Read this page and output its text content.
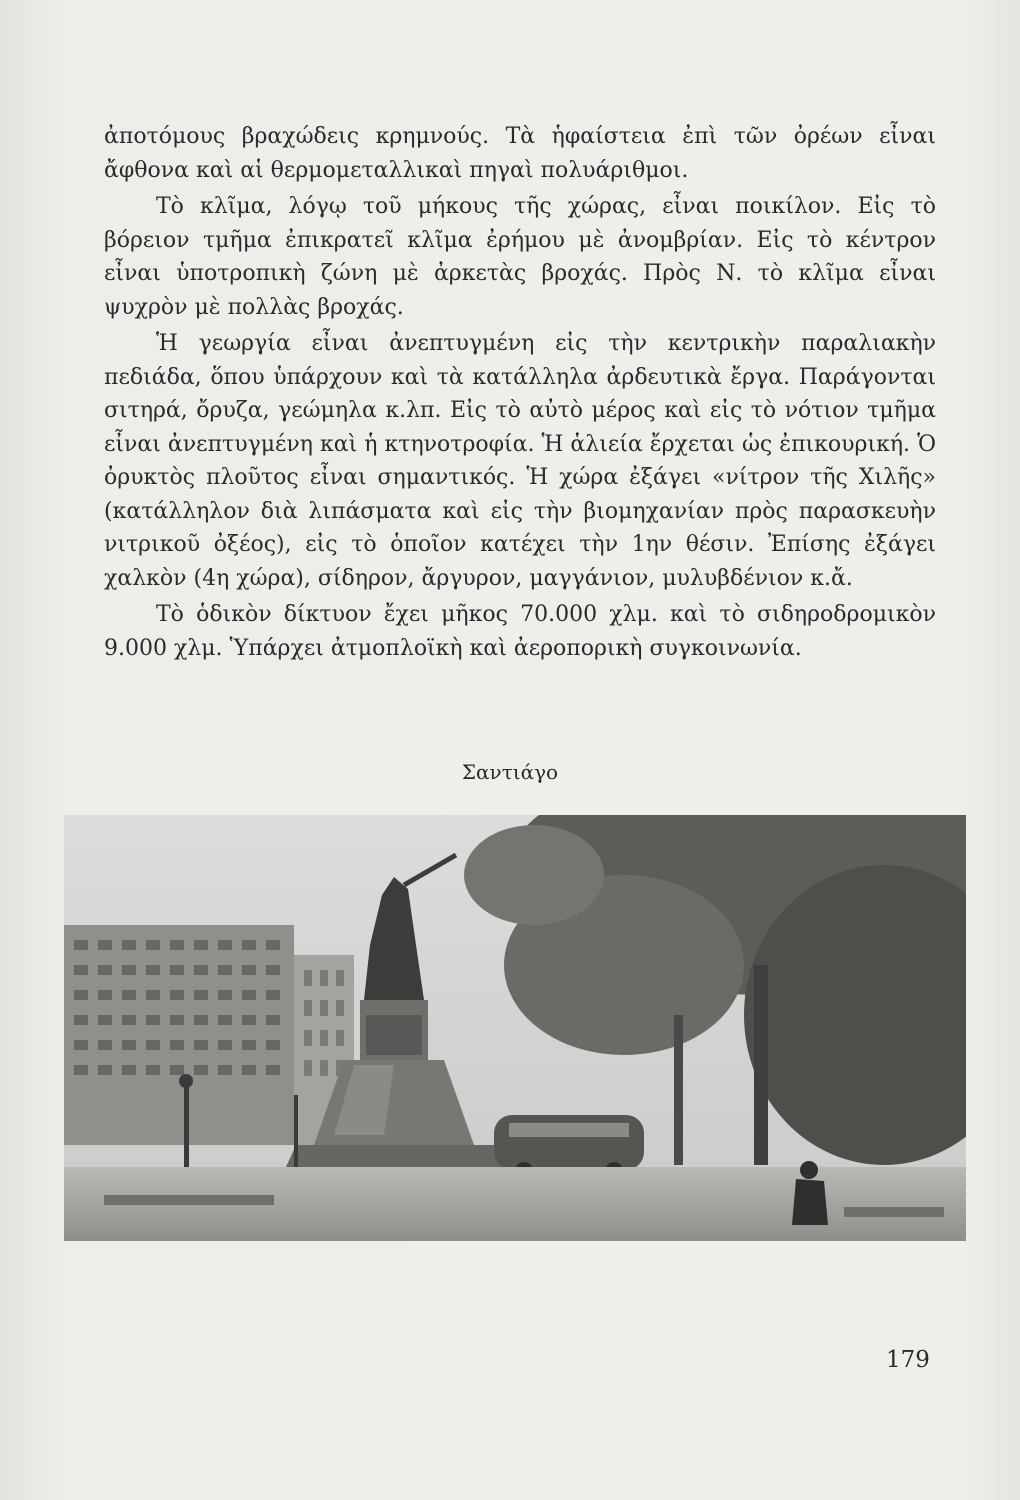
ἀποτόμους βραχώδεις κρημνούς. Τὰ ἡφαίστεια ἐπὶ τῶν ὀρέων εἶναι ἄφθονα καὶ αἱ θερμομεταλλικαὶ πηγαὶ πολυάριθμοι.

Τὸ κλῖμα, λόγῳ τοῦ μήκους τῆς χώρας, εἶναι ποικίλον. Εἰς τὸ βόρειον τμῆμα ἐπικρατεῖ κλῖμα ἐρήμου μὲ ἀνομβρίαν. Εἰς τὸ κέντρον εἶναι ὑποτροπικὴ ζώνη μὲ ἀρκετὰς βροχάς. Πρὸς Ν. τὸ κλῖμα εἶναι ψυχρὸν μὲ πολλὰς βροχάς.

Ἡ γεωργία εἶναι ἀνεπτυγμένη εἰς τὴν κεντρικὴν παραλιακὴν πεδιάδα, ὅπου ὑπάρχουν καὶ τὰ κατάλληλα ἀρδευτικὰ ἔργα. Παράγονται σιτηρά, ὄρυζα, γεώμηλα κ.λπ. Εἰς τὸ αὐτὸ μέρος καὶ εἰς τὸ νότιον τμῆμα εἶναι ἀνεπτυγμένη καὶ ἡ κτηνοτροφία. Ἡ ἁλιεία ἔρχεται ὡς ἐπικουρική. Ὁ ὀρυκτὸς πλοῦτος εἶναι σημαντικός. Ἡ χώρα ἐξάγει «νίτρον τῆς Χιλῆς» (κατάλληλον διὰ λιπάσματα καὶ εἰς τὴν βιομηχανίαν πρὸς παρασκευὴν νιτρικοῦ ὀξέος), εἰς τὸ ὁποῖον κατέχει τὴν 1ην θέσιν. Ἐπίσης ἐξάγει χαλκὸν (4η χώρα), σίδηρον, ἄργυρον, μαγγάνιον, μυλυβδένιον κ.ἄ.

Τὸ ὁδικὸν δίκτυον ἔχει μῆκος 70.000 χλμ. καὶ τὸ σιδηροδρομικὸν 9.000 χλμ. Ὑπάρχει ἀτμοπλοϊκὴ καὶ ἀεροπορικὴ συγκοινωνία.

Σαντιάγο
179
